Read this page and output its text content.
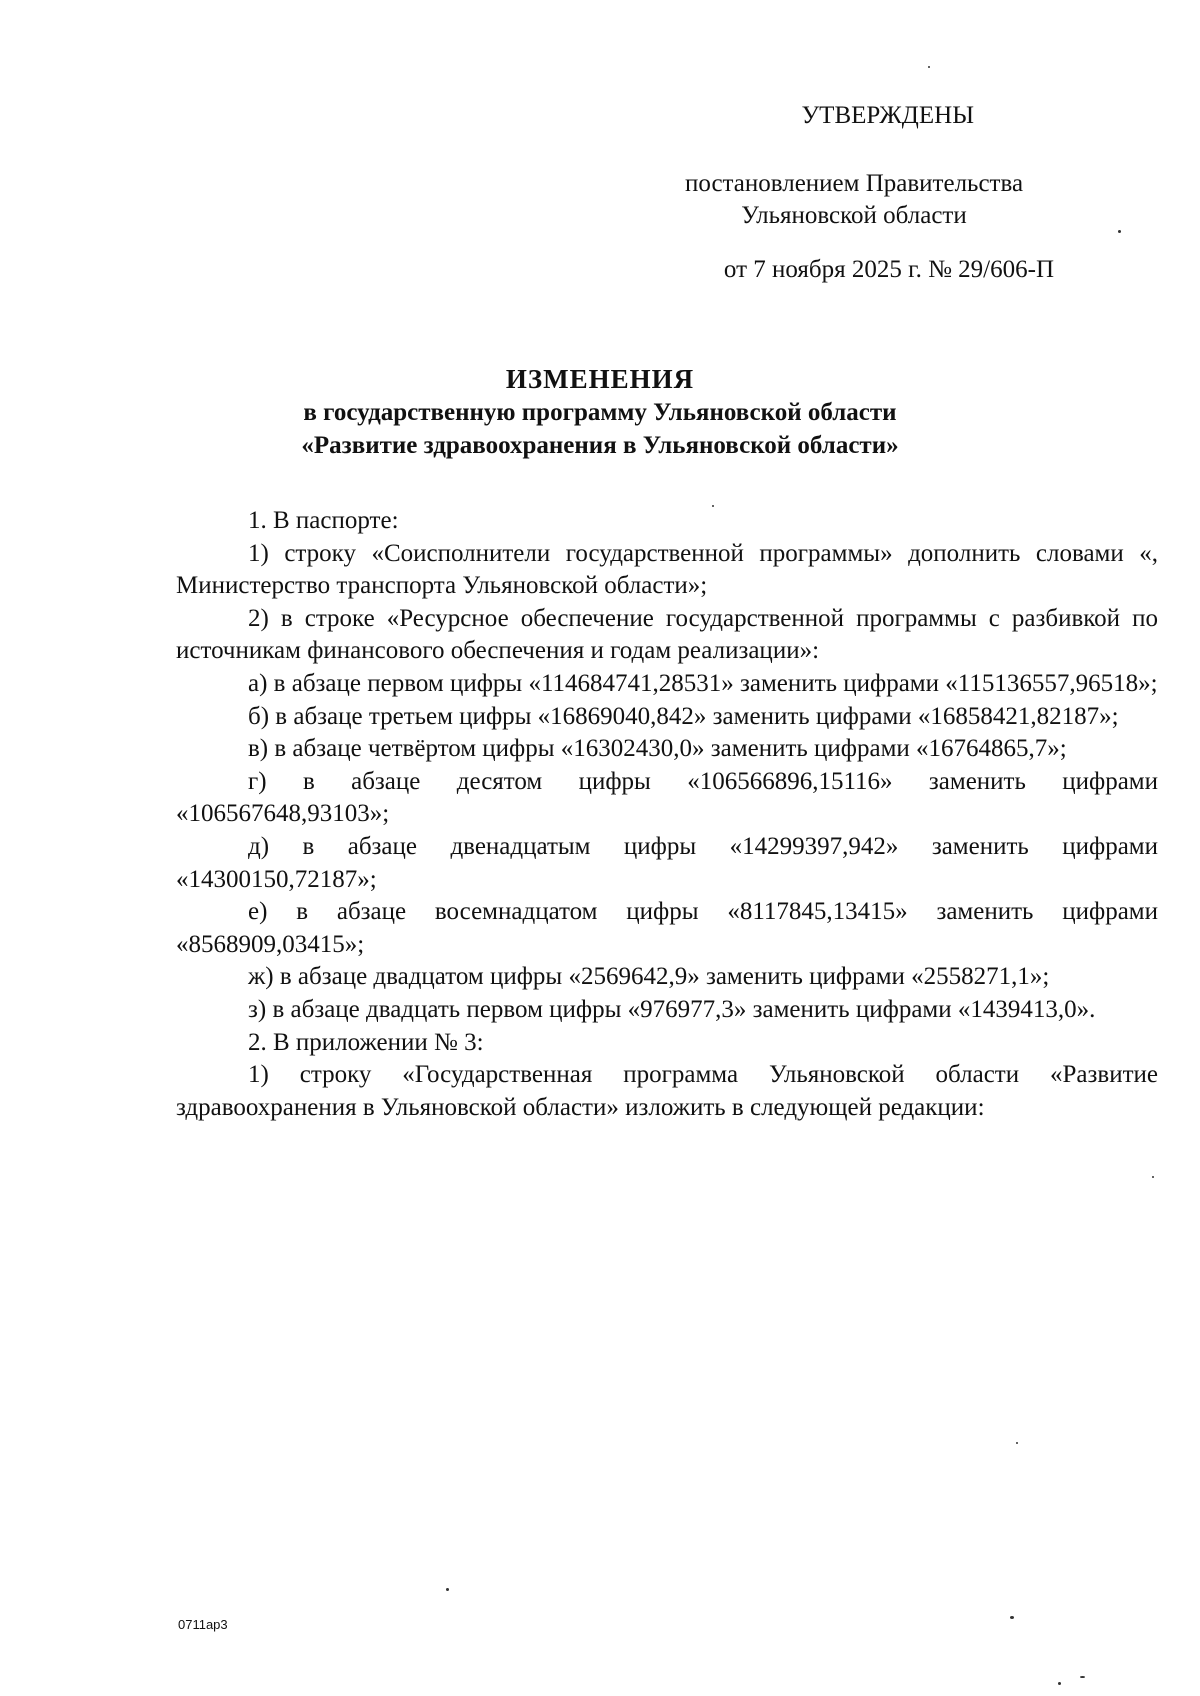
УТВЕРЖДЕНЫ
постановлением Правительства
Ульяновской области
от 7 ноября 2025 г. № 29/606-П
ИЗМЕНЕНИЯ
в государственную программу Ульяновской области
«Развитие здравоохранения в Ульяновской области»

1. В паспорте:

1) строку «Соисполнители государственной программы» дополнить словами «, Министерство транспорта Ульяновской области»;

2) в строке «Ресурсное обеспечение государственной программы с разбивкой по источникам финансового обеспечения и годам реализации»:

а) в абзаце первом цифры «114684741,28531» заменить цифрами «115136557,96518»;

б) в абзаце третьем цифры «16869040,842» заменить цифрами «16858421,82187»;

в) в абзаце четвёртом цифры «16302430,0» заменить цифрами «16764865,7»;

г) в абзаце десятом цифры «106566896,15116» заменить цифрами «106567648,93103»;

д) в абзаце двенадцатым цифры «14299397,942» заменить цифрами «14300150,72187»;

е) в абзаце восемнадцатом цифры «8117845,13415» заменить цифрами «8568909,03415»;

ж) в абзаце двадцатом цифры «2569642,9» заменить цифрами «2558271,1»;

з) в абзаце двадцать первом цифры «976977,3» заменить цифрами «1439413,0».

2. В приложении № 3:

1) строку «Государственная программа Ульяновской области «Развитие здравоохранения в Ульяновской области» изложить в следующей редакции:

0711ар3
